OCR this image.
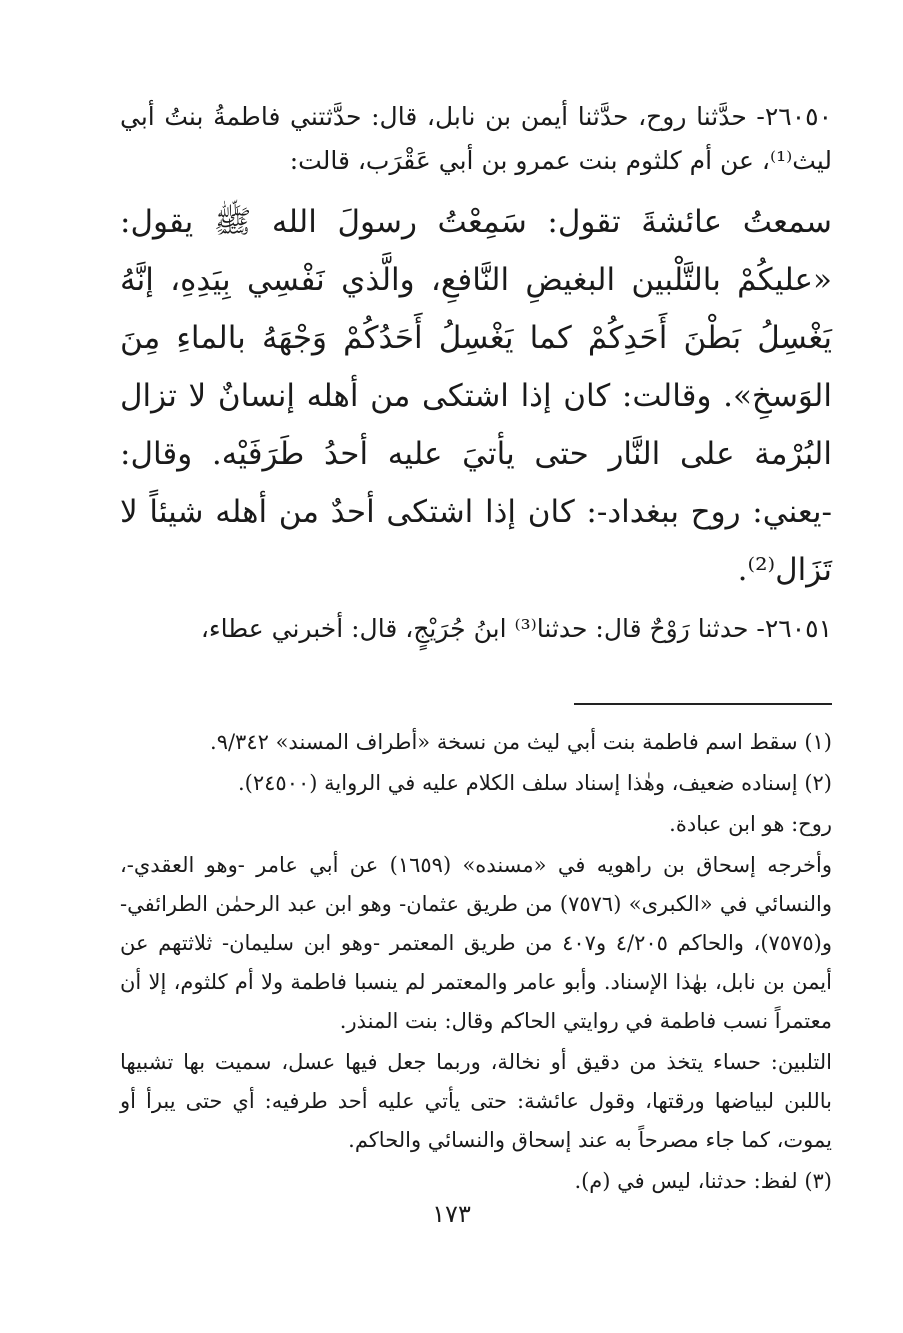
٢٦٠٥٠- حدَّثنا روح، حدَّثنا أيمن بن نابل، قال: حدَّثتني فاطمةُ بنتُ أبي ليث⁽¹⁾، عن أم كلثوم بنت عمرو بن أبي عَقْرَب، قالت:

سمعتُ عائشةَ تقول: سَمِعْتُ رسولَ الله ﷺ يقول: «عليكُمْ بالتَّلْبين البغيضِ النَّافعِ، والَّذي نَفْسِي بِيَدِهِ، إنَّهُ يَغْسِلُ بَطْنَ أَحَدِكُمْ كما يَغْسِلُ أَحَدُكُمْ وَجْهَهُ بالماءِ مِنَ الوَسخِ». وقالت: كان إذا اشتكى من أهله إنسانٌ لا تزال البُرْمة على النَّار حتى يأتيَ عليه أحدُ طَرَفَيْه. وقال: -يعني: روح ببغداد-: كان إذا اشتكى أحدٌ من أهله شيئاً لا تَزَال⁽²⁾.

٢٦٠٥١- حدثنا رَوْحٌ قال: حدثنا⁽³⁾ ابنُ جُرَيْجٍ، قال: أخبرني عطاء،

(١) سقط اسم فاطمة بنت أبي ليث من نسخة «أطراف المسند» ٩/٣٤٢.

(٢) إسناده ضعيف، وهٰذا إسناد سلف الكلام عليه في الرواية (٢٤٥٠٠).

روح: هو ابن عبادة.

وأخرجه إسحاق بن راهويه في «مسنده» (١٦٥٩) عن أبي عامر -وهو العقدي-، والنسائي في «الكبرى» (٧٥٧٦) من طريق عثمان- وهو ابن عبد الرحمٰن الطرائفي- و(٧٥٧٥)، والحاكم ٤/٢٠٥ و٤٠٧ من طريق المعتمر -وهو ابن سليمان- ثلاثتهم عن أيمن بن نابل، بهٰذا الإسناد. وأبو عامر والمعتمر لم ينسبا فاطمة ولا أم كلثوم، إلا أن معتمراً نسب فاطمة في روايتي الحاكم وقال: بنت المنذر.

التلبين: حساء يتخذ من دقيق أو نخالة، وربما جعل فيها عسل، سميت بها تشبيها باللبن لبياضها ورقتها، وقول عائشة: حتى يأتي عليه أحد طرفيه: أي حتى يبرأ أو يموت، كما جاء مصرحاً به عند إسحاق والنسائي والحاكم.

(٣) لفظ: حدثنا، ليس في (م).

١٧٣
